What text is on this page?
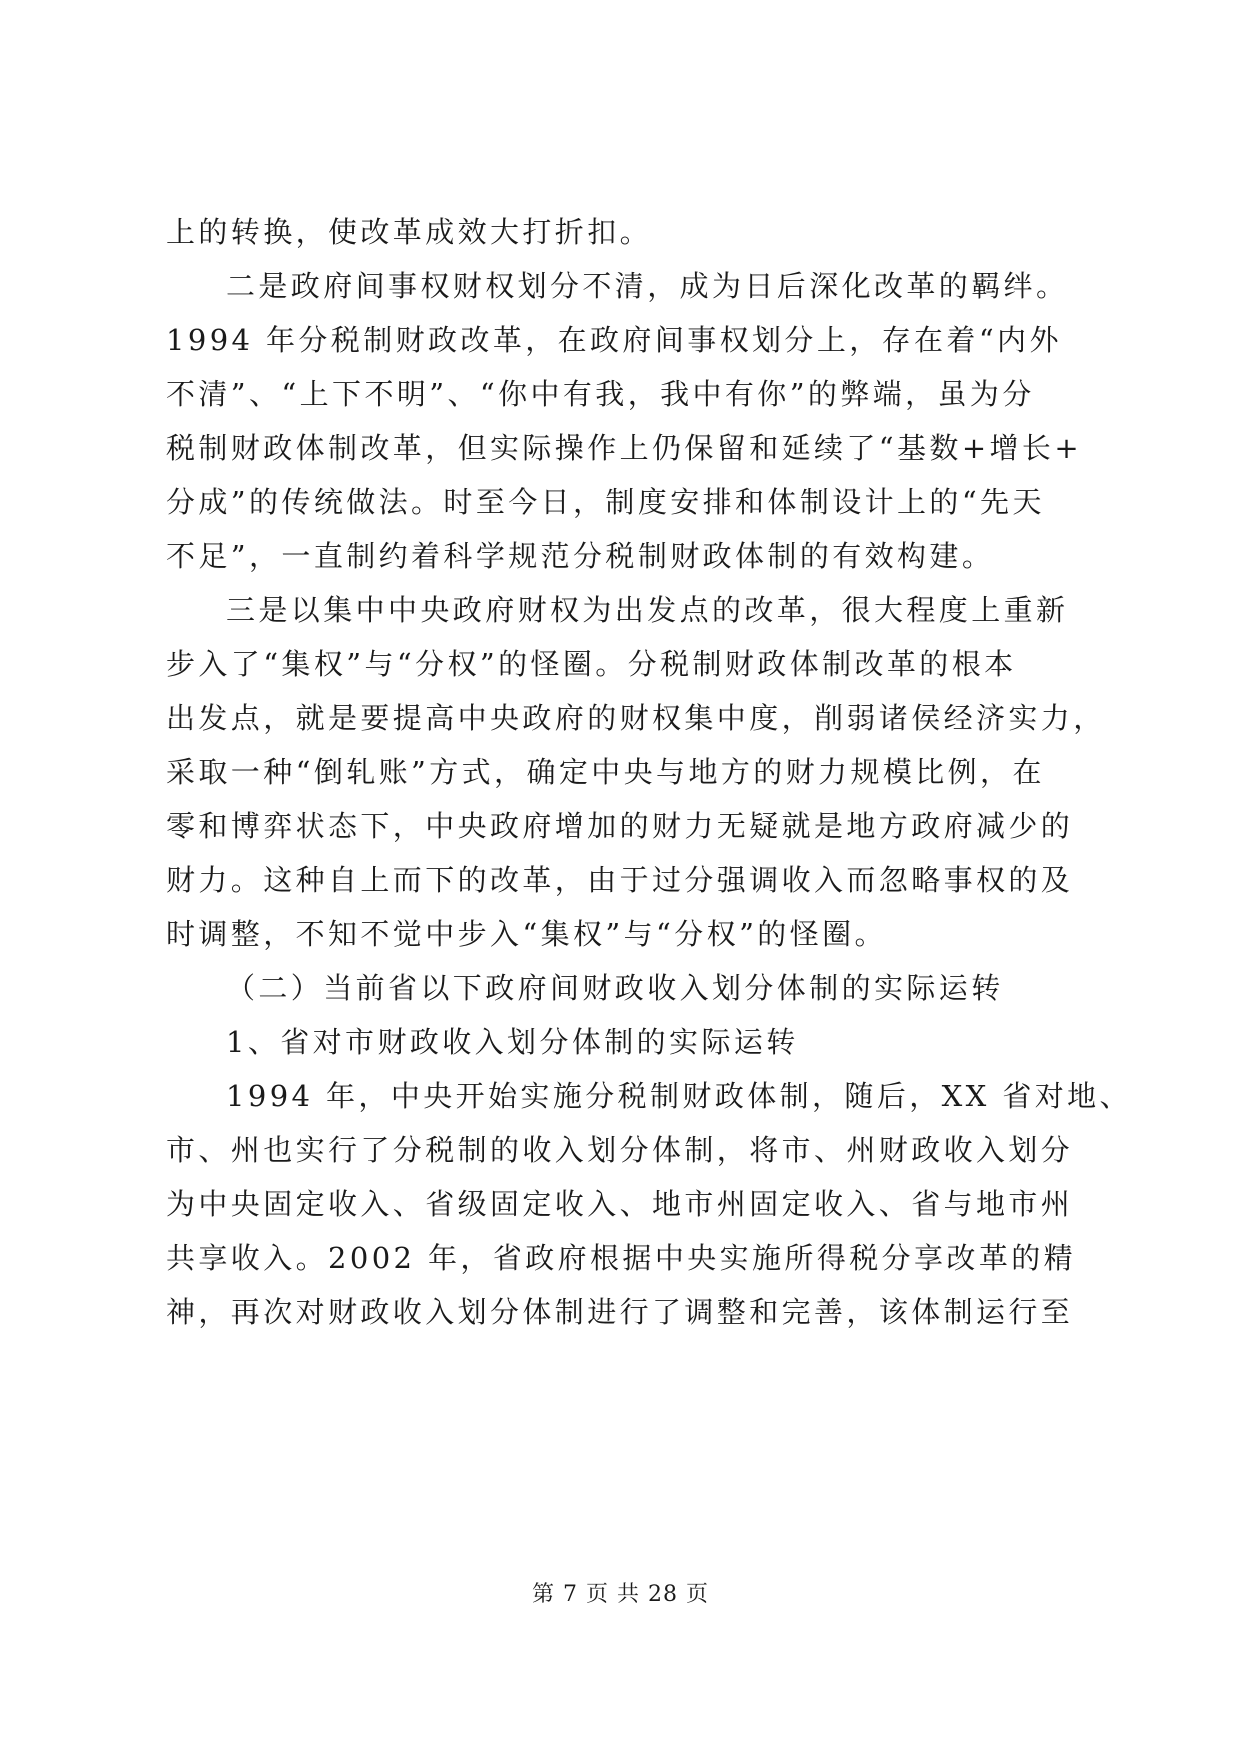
上的转换，使改革成效大打折扣。
二是政府间事权财权划分不清，成为日后深化改革的羁绊。
1994 年分税制财政改革，在政府间事权划分上，存在着“内外
不清”、“上下不明”、“你中有我，我中有你”的弊端，虽为分
税制财政体制改革，但实际操作上仍保留和延续了“基数+增长+
分成”的传统做法。时至今日，制度安排和体制设计上的“先天
不足”，一直制约着科学规范分税制财政体制的有效构建。
三是以集中中央政府财权为出发点的改革，很大程度上重新
步入了“集权”与“分权”的怪圈。分税制财政体制改革的根本
出发点，就是要提高中央政府的财权集中度，削弱诸侯经济实力，
采取一种“倒轧账”方式，确定中央与地方的财力规模比例，在
零和博弈状态下，中央政府增加的财力无疑就是地方政府减少的
财力。这种自上而下的改革，由于过分强调收入而忽略事权的及
时调整，不知不觉中步入“集权”与“分权”的怪圈。
（二）当前省以下政府间财政收入划分体制的实际运转
1、省对市财政收入划分体制的实际运转
1994 年，中央开始实施分税制财政体制，随后，XX 省对地、
市、州也实行了分税制的收入划分体制，将市、州财政收入划分
为中央固定收入、省级固定收入、地市州固定收入、省与地市州
共享收入。2002 年，省政府根据中央实施所得税分享改革的精
神，再次对财政收入划分体制进行了调整和完善，该体制运行至
第 7 页 共 28 页
